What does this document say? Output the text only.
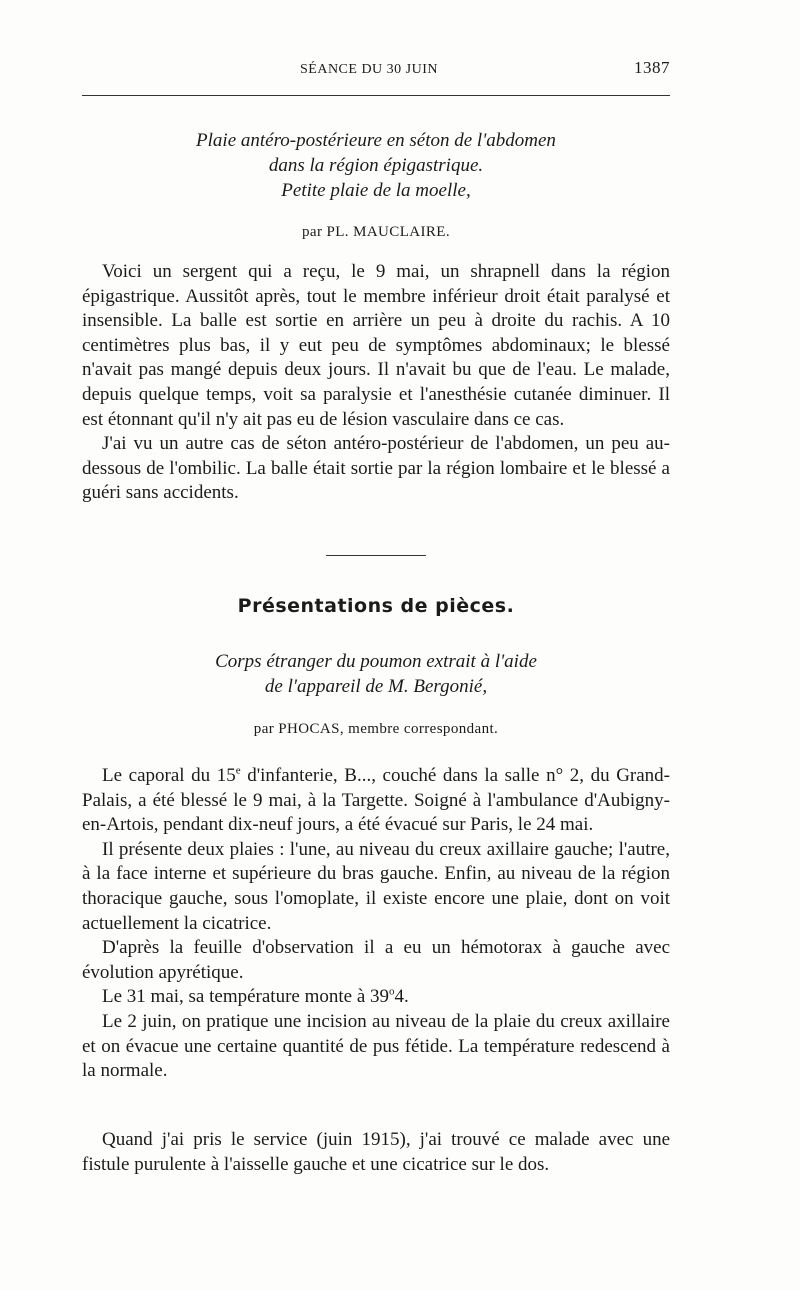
SÉANCE DU 30 JUIN	1387
Plaie antéro-postérieure en séton de l'abdomen
dans la région épigastrique.
Petite plaie de la moelle,
par PL. MAUCLAIRE.

Voici un sergent qui a reçu, le 9 mai, un shrapnell dans la région épigastrique. Aussitôt après, tout le membre inférieur droit était paralysé et insensible. La balle est sortie en arrière un peu à droite du rachis. A 10 centimètres plus bas, il y eut peu de symptômes abdominaux; le blessé n'avait pas mangé depuis deux jours. Il n'avait bu que de l'eau. Le malade, depuis quelque temps, voit sa paralysie et l'anesthésie cutanée diminuer. Il est étonnant qu'il n'y ait pas eu de lésion vasculaire dans ce cas.

J'ai vu un autre cas de séton antéro-postérieur de l'abdomen, un peu au-dessous de l'ombilic. La balle était sortie par la région lombaire et le blessé a guéri sans accidents.

Présentations de pièces.
Corps étranger du poumon extrait à l'aide
de l'appareil de M. Bergonié,
par PHOCAS, membre correspondant.

Le caporal du 15e d'infanterie, B..., couché dans la salle n° 2, du Grand-Palais, a été blessé le 9 mai, à la Targette. Soigné à l'ambulance d'Aubigny-en-Artois, pendant dix-neuf jours, a été évacué sur Paris, le 24 mai.

Il présente deux plaies : l'une, au niveau du creux axillaire gauche; l'autre, à la face interne et supérieure du bras gauche. Enfin, au niveau de la région thoracique gauche, sous l'omoplate, il existe encore une plaie, dont on voit actuellement la cicatrice.

D'après la feuille d'observation il a eu un hémotorax à gauche avec évolution apyrétique.

Le 31 mai, sa température monte à 39$^o$4.

Le 2 juin, on pratique une incision au niveau de la plaie du creux axillaire et on évacue une certaine quantité de pus fétide. La température redescend à la normale.

Quand j'ai pris le service (juin 1915), j'ai trouvé ce malade avec une fistule purulente à l'aisselle gauche et une cicatrice sur le dos.
